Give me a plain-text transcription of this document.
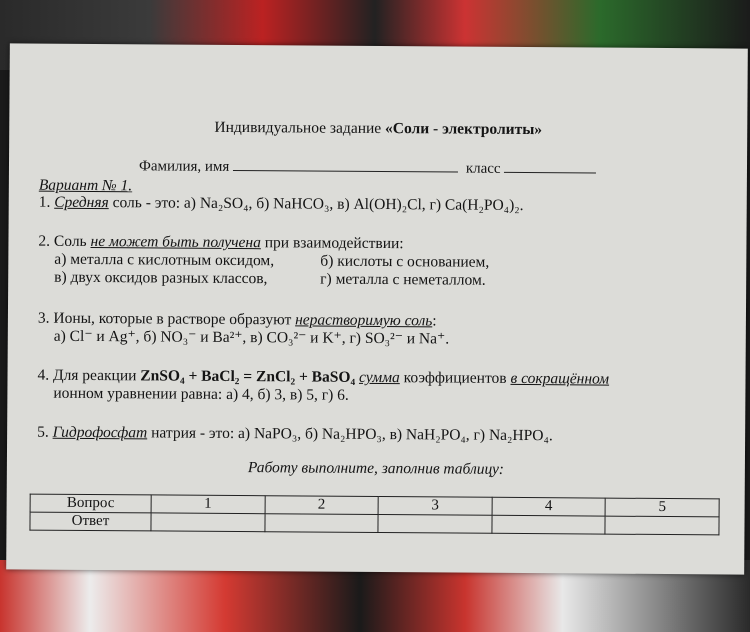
Индивидуальное задание «Соли - электролиты»
Фамилия, имя	класс
Вариант № 1.
1. Средняя соль - это: а) Na₂SO₄, б) NaHCO₃, в) Al(OH)₂Cl, г) Ca(H₂PO₄)₂.
2. Соль не может быть получена при взаимодействии:
а) металла с кислотным оксидом,	б) кислоты с основанием,
в) двух оксидов разных классов,	г) металла с неметаллом.
3. Ионы, которые в растворе образуют нерастворимую соль:
а) Cl⁻ и Ag⁺, б) NO₃⁻ и Ba²⁺, в) CO₃²⁻ и K⁺, г) SO₃²⁻ и Na⁺.
4. Для реакции ZnSO₄ + BaCl₂ = ZnCl₂ + BaSO₄ сумма коэффициентов в сокращённом
ионном уравнении равна: а) 4, б) 3, в) 5, г) 6.
5. Гидрофосфат натрия - это: а) NaPO₃, б) Na₂HPO₃, в) NaH₂PO₄, г) Na₂HPO₄.
Работу выполните, заполнив таблицу:
Вопрос	1	2	3	4	5
Ответ					
